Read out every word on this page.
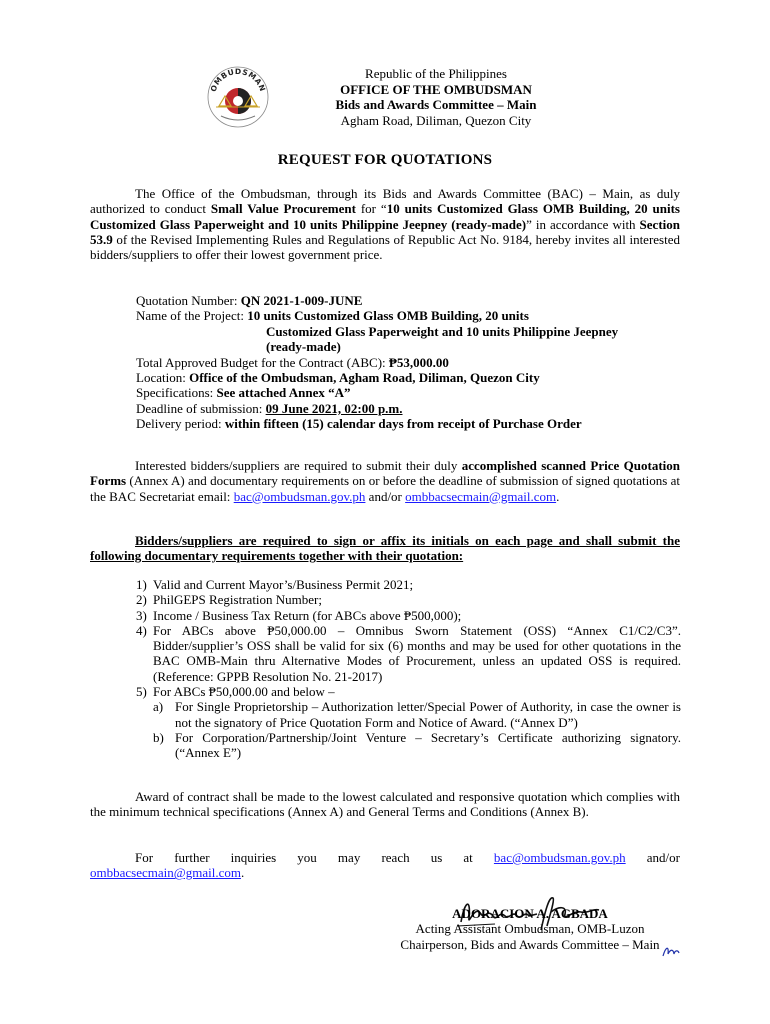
OMBUDSMAN
Republic of the Philippines
OFFICE OF THE OMBUDSMAN
Bids and Awards Committee – Main
Agham Road, Diliman, Quezon City
REQUEST FOR QUOTATIONS
The Office of the Ombudsman, through its Bids and Awards Committee (BAC) – Main, as duly authorized to conduct Small Value Procurement for “10 units Customized Glass OMB Building, 20 units Customized Glass Paperweight and 10 units Philippine Jeepney (ready-made)” in accordance with Section 53.9 of the Revised Implementing Rules and Regulations of Republic Act No. 9184, hereby invites all interested bidders/suppliers to offer their lowest government price.
Quotation Number: QN 2021-1-009-JUNE
Name of the Project: 10 units Customized Glass OMB Building, 20 units
Customized Glass Paperweight and 10 units Philippine Jeepney (ready-made)
Total Approved Budget for the Contract (ABC): ₱53,000.00
Location: Office of the Ombudsman, Agham Road, Diliman, Quezon City
Specifications: See attached Annex “A”
Deadline of submission: 09 June 2021, 02:00 p.m.
Delivery period: within fifteen (15) calendar days from receipt of Purchase Order
Interested bidders/suppliers are required to submit their duly accomplished scanned Price Quotation Forms (Annex A) and documentary requirements on or before the deadline of submission of signed quotations at the BAC Secretariat email: bac@ombudsman.gov.ph and/or ombbacsecmain@gmail.com.
Bidders/suppliers are required to sign or affix its initials on each page and shall submit the following documentary requirements together with their quotation:
1) Valid and Current Mayor’s/Business Permit 2021;
2) PhilGEPS Registration Number;
3) Income / Business Tax Return (for ABCs above ₱500,000);
4) For ABCs above ₱50,000.00 – Omnibus Sworn Statement (OSS) “Annex C1/C2/C3”. Bidder/supplier’s OSS shall be valid for six (6) months and may be used for other quotations in the BAC OMB-Main thru Alternative Modes of Procurement, unless an updated OSS is required. (Reference: GPPB Resolution No. 21-2017)
5) For ABCs ₱50,000.00 and below –
a) For Single Proprietorship – Authorization letter/Special Power of Authority, in case the owner is not the signatory of Price Quotation Form and Notice of Award. (“Annex D”)
b) For Corporation/Partnership/Joint Venture – Secretary’s Certificate authorizing signatory. (“Annex E”)
Award of contract shall be made to the lowest calculated and responsive quotation which complies with the minimum technical specifications (Annex A) and General Terms and Conditions (Annex B).
For further inquiries you may reach us at bac@ombudsman.gov.ph and/or ombbacsecmain@gmail.com.
ADORACION A. AGBADA
Acting Assistant Ombudsman, OMB-Luzon
Chairperson, Bids and Awards Committee – Main
